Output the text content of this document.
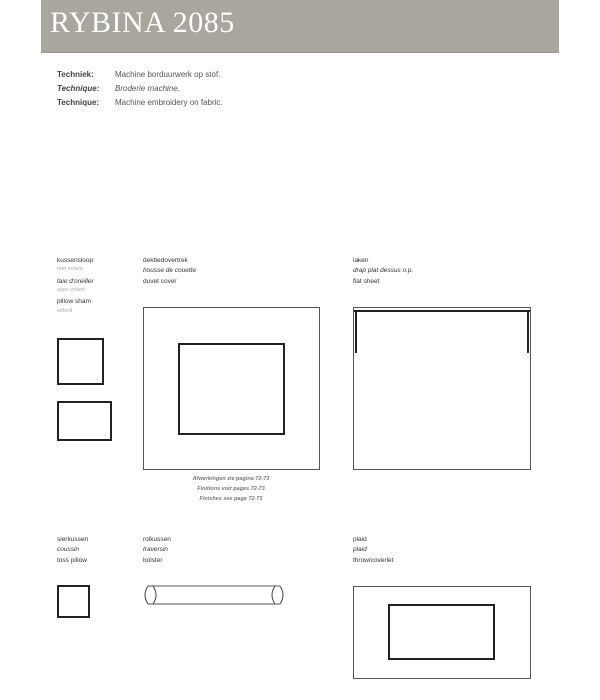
RYBINA 2085
Techniek:	Machine borduurwerk op stof.
Technique: Broderie machine.
Technique: Machine embroidery on fabric.
kussensloop
met volant
taie d'oreiller
avec volant
pillow sham
oxford
dekbedovertrek
housse de couette
duvet cover
Afwerkingen zie pagina 72-73
Finitions voir pages 72-73
Finishes see page 72-73
laken
drap plat dessus o.p.
flat sheet
sierkussen
coussin
toss pillow
rolkussen
traversin
bolster
plaid
plaid
throw/coverlet
